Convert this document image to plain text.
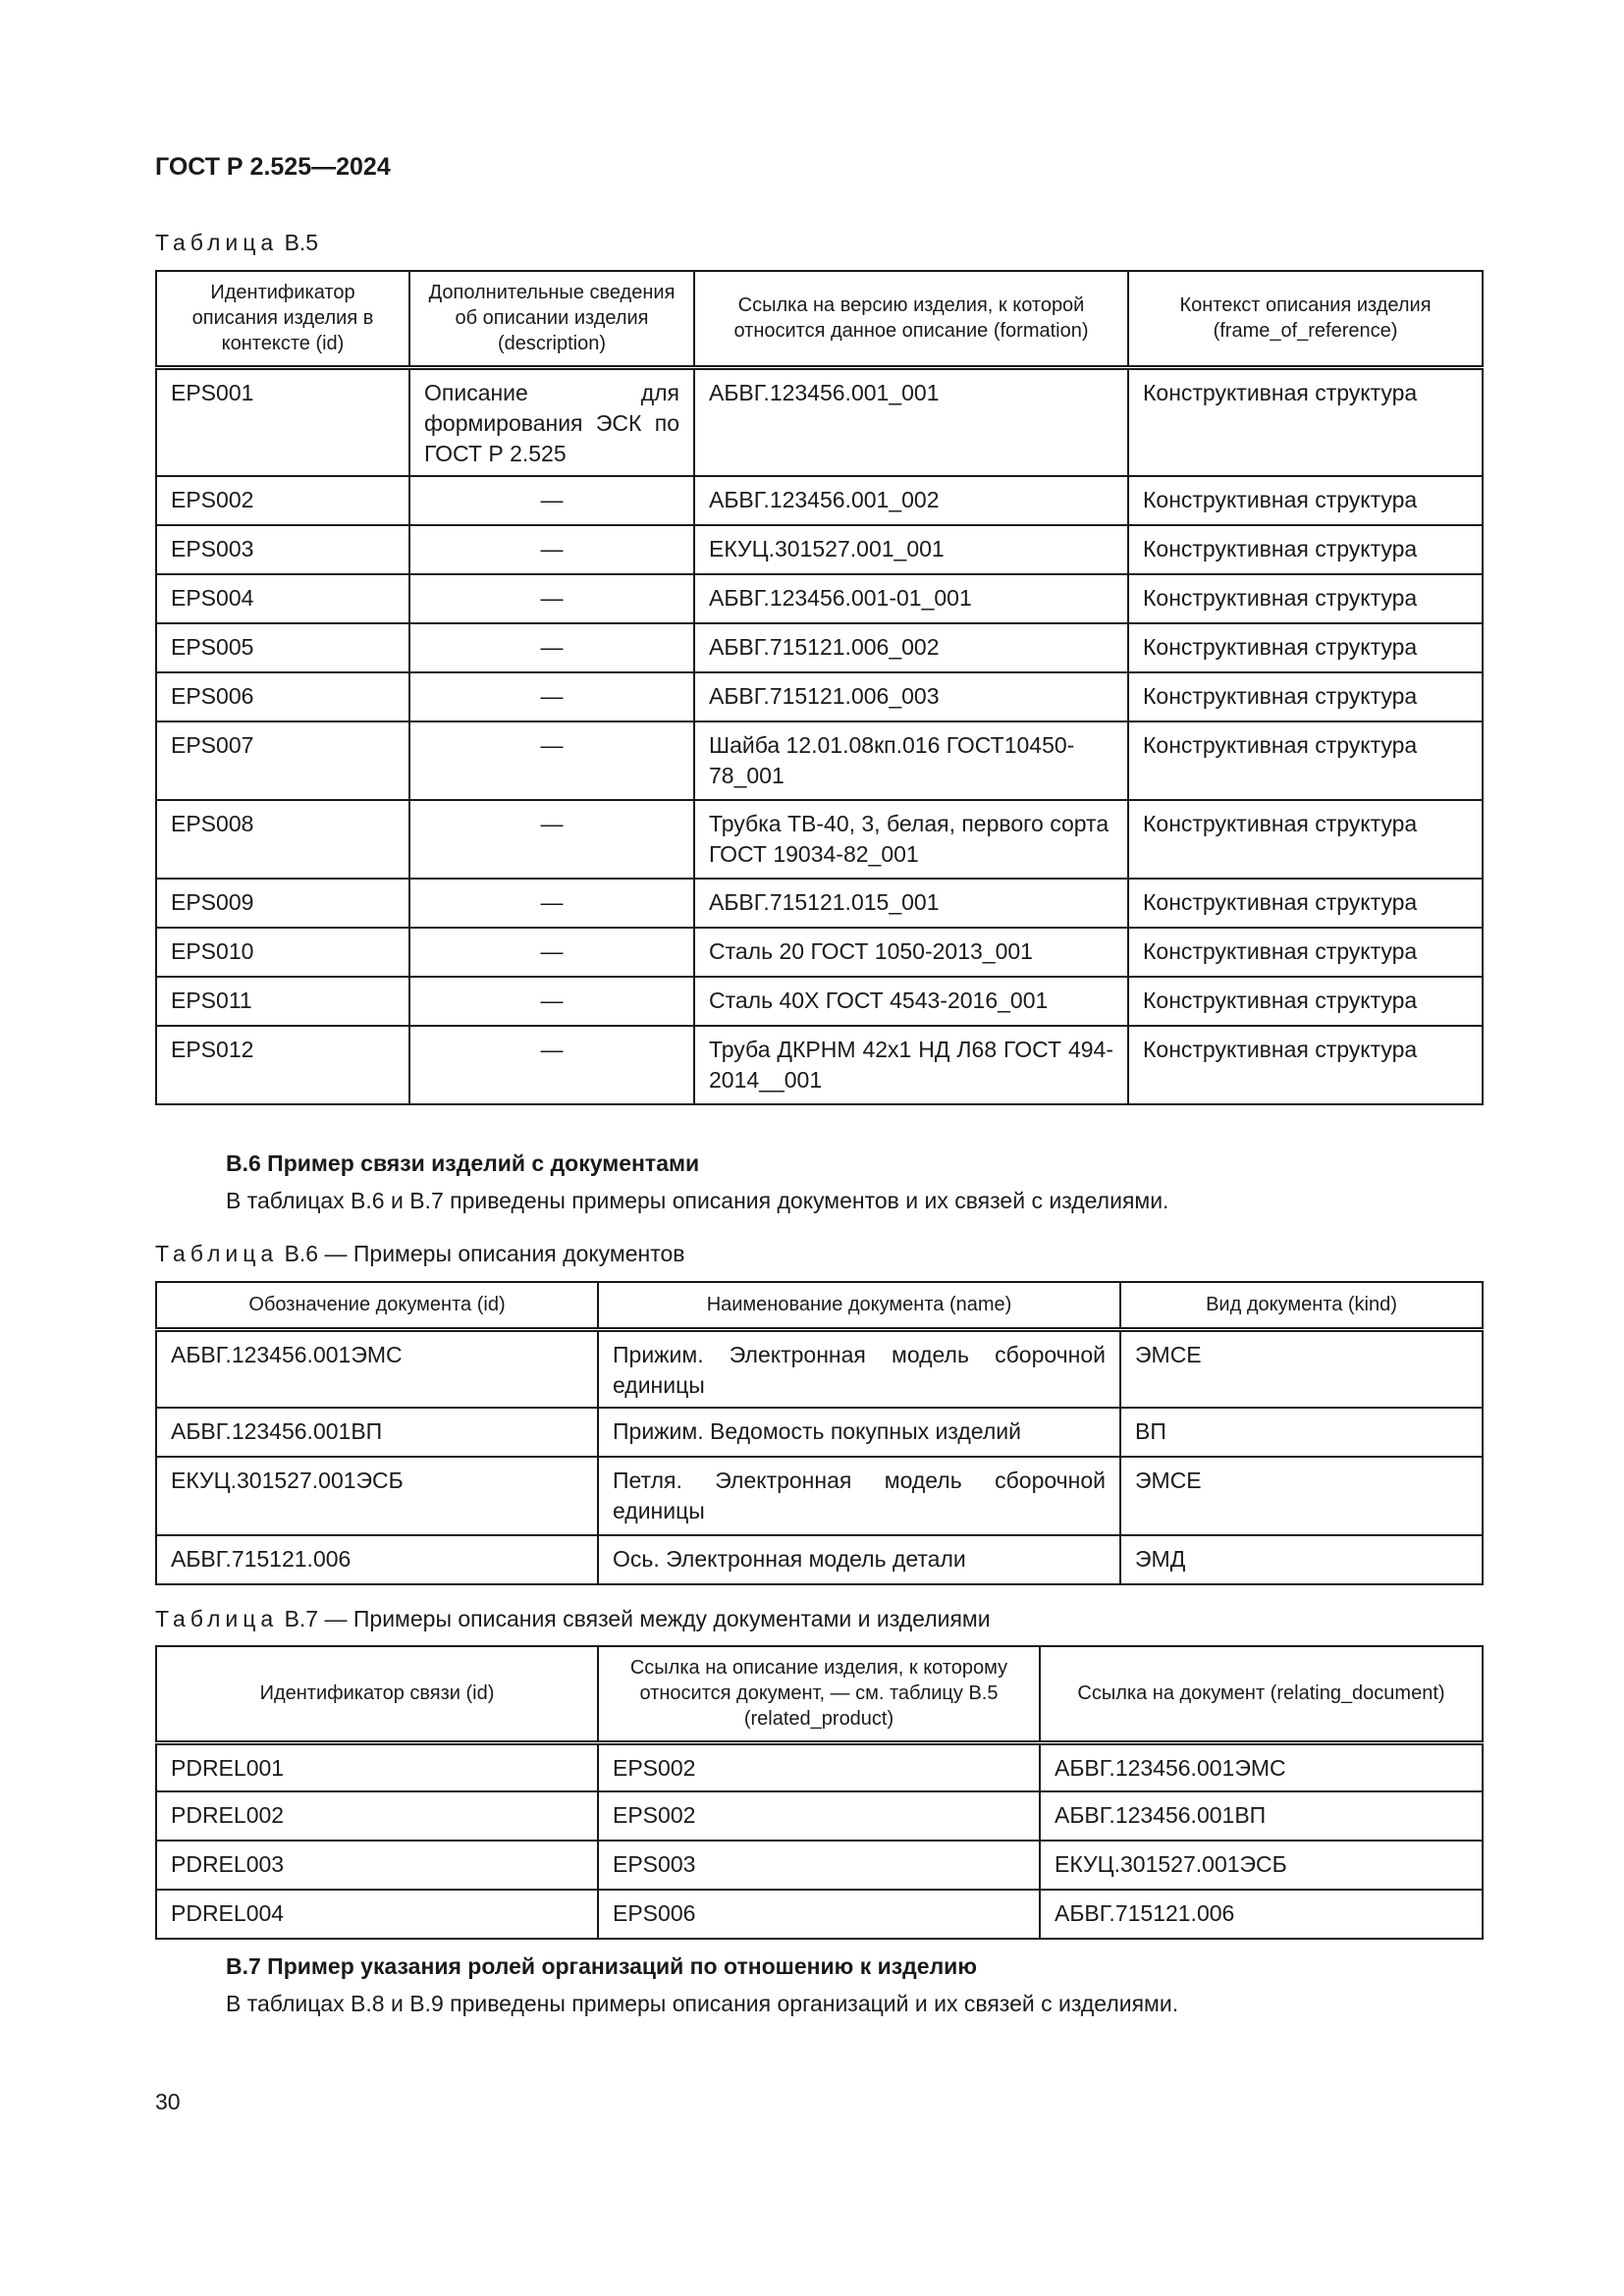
ГОСТ Р 2.525—2024
Таблица В.5
Идентификатор описания изделия в контексте (id)	Дополнительные сведения об описании изделия (description)	Ссылка на версию изделия, к которой относится данное описание (formation)	Контекст описания изделия (frame_of_reference)
EPS001	Описание для формирования ЭСК по ГОСТ Р 2.525	АБВГ.123456.001_001	Конструктивная структура
EPS002	—	АБВГ.123456.001_002	Конструктивная структура
EPS003	—	ЕКУЦ.301527.001_001	Конструктивная структура
EPS004	—	АБВГ.123456.001-01_001	Конструктивная структура
EPS005	—	АБВГ.715121.006_002	Конструктивная структура
EPS006	—	АБВГ.715121.006_003	Конструктивная структура
EPS007	—	Шайба 12.01.08кп.016 ГОСТ10450-78_001	Конструктивная структура
EPS008	—	Трубка ТВ-40, 3, белая, первого сорта ГОСТ 19034-82_001	Конструктивная структура
EPS009	—	АБВГ.715121.015_001	Конструктивная структура
EPS010	—	Сталь 20 ГОСТ 1050-2013_001	Конструктивная структура
EPS011	—	Сталь 40Х ГОСТ 4543-2016_001	Конструктивная структура
EPS012	—	Труба ДКРНМ 42х1 НД Л68 ГОСТ 494-2014__001	Конструктивная структура
В.6 Пример связи изделий с документами
В таблицах В.6 и В.7 приведены примеры описания документов и их связей с изделиями.
Таблица В.6 — Примеры описания документов
Обозначение документа (id)	Наименование документа (name)	Вид документа (kind)
АБВГ.123456.001ЭМС	Прижим. Электронная модель сборочной единицы	ЭМСЕ
АБВГ.123456.001ВП	Прижим. Ведомость покупных изделий	ВП
ЕКУЦ.301527.001ЭСБ	Петля. Электронная модель сборочной единицы	ЭМСЕ
АБВГ.715121.006	Ось. Электронная модель детали	ЭМД
Таблица В.7 — Примеры описания связей между документами и изделиями
Идентификатор связи (id)	Ссылка на описание изделия, к которому относится документ, — см. таблицу В.5 (related_product)	Ссылка на документ (relating_document)
PDREL001	EPS002	АБВГ.123456.001ЭМС
PDREL002	EPS002	АБВГ.123456.001ВП
PDREL003	EPS003	ЕКУЦ.301527.001ЭСБ
PDREL004	EPS006	АБВГ.715121.006
В.7 Пример указания ролей организаций по отношению к изделию
В таблицах В.8 и В.9 приведены примеры описания организаций и их связей с изделиями.
30
